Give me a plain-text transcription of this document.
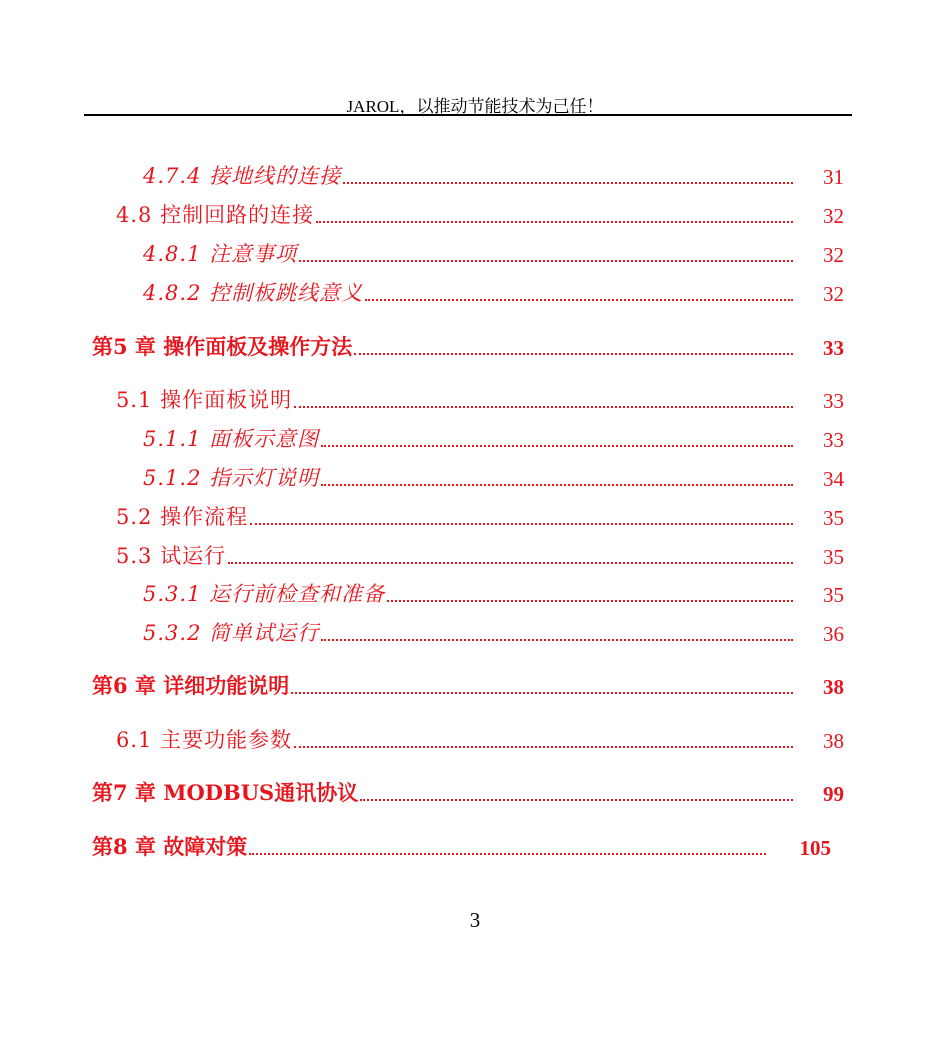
JAROL，以推动节能技术为己任！
4.7.4 接地线的连接	31
4.8 控制回路的连接	32
4.8.1 注意事项	32
4.8.2 控制板跳线意义	32
第5 章 操作面板及操作方法	33
5.1 操作面板说明	33
5.1.1 面板示意图	33
5.1.2 指示灯说明	34
5.2 操作流程	35
5.3 试运行	35
5.3.1 运行前检查和准备	35
5.3.2 简单试运行	36
第6 章 详细功能说明	38
6.1 主要功能参数	38
第7 章 MODBUS通讯协议	99
第8 章 故障对策	105
3
